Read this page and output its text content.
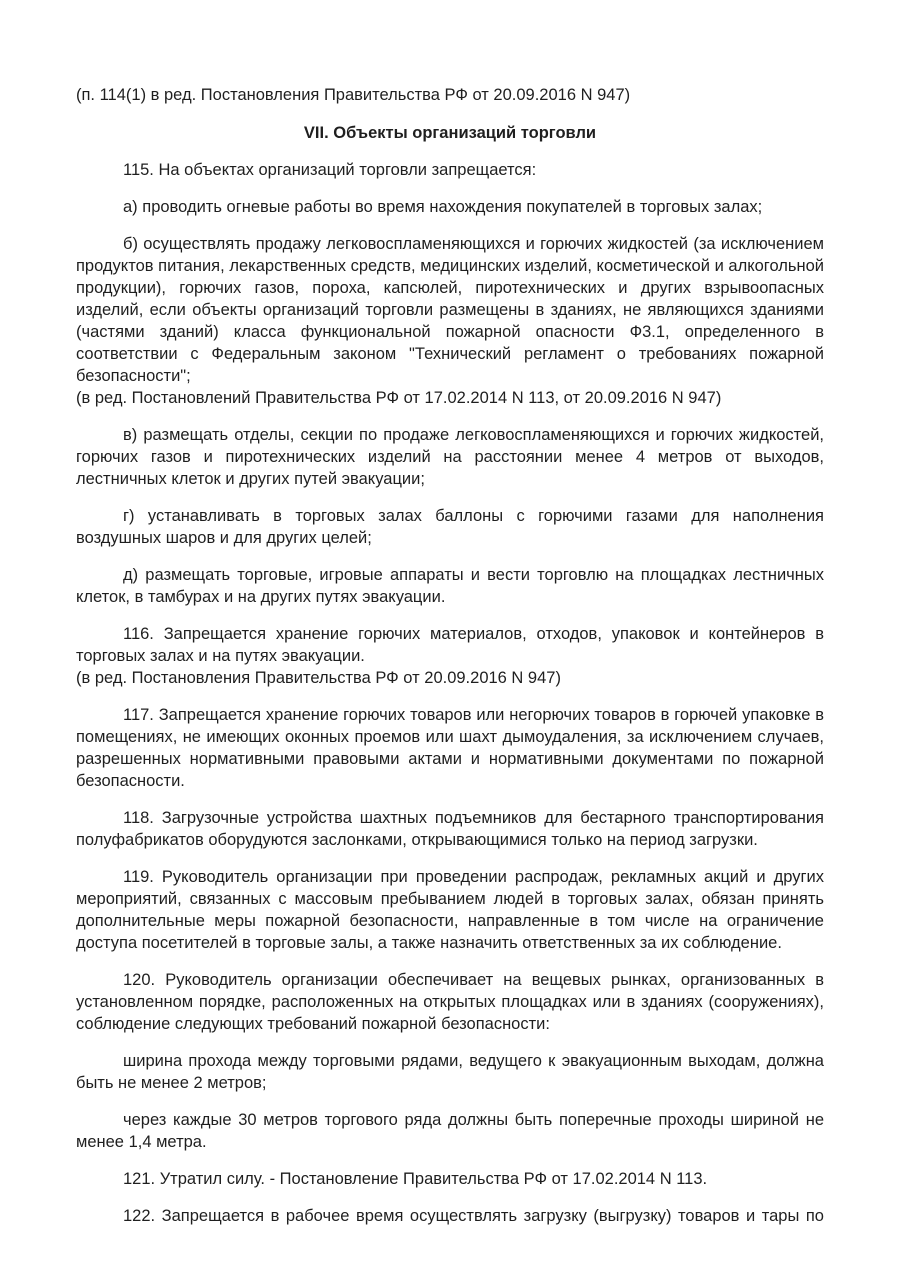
(п. 114(1) в ред. Постановления Правительства РФ от 20.09.2016 N 947)

VII. Объекты организаций торговли

115. На объектах организаций торговли запрещается:

а) проводить огневые работы во время нахождения покупателей в торговых залах;

б) осуществлять продажу легковоспламеняющихся и горючих жидкостей (за исключением продуктов питания, лекарственных средств, медицинских изделий, косметической и алкогольной продукции), горючих газов, пороха, капсюлей, пиротехнических и других взрывоопасных изделий, если объекты организаций торговли размещены в зданиях, не являющихся зданиями (частями зданий) класса функциональной пожарной опасности Ф3.1, определенного в соответствии с Федеральным законом "Технический регламент о требованиях пожарной безопасности";

(в ред. Постановлений Правительства РФ от 17.02.2014 N 113, от 20.09.2016 N 947)

в) размещать отделы, секции по продаже легковоспламеняющихся и горючих жидкостей, горючих газов и пиротехнических изделий на расстоянии менее 4 метров от выходов, лестничных клеток и других путей эвакуации;

г) устанавливать в торговых залах баллоны с горючими газами для наполнения воздушных шаров и для других целей;

д) размещать торговые, игровые аппараты и вести торговлю на площадках лестничных клеток, в тамбурах и на других путях эвакуации.

116. Запрещается хранение горючих материалов, отходов, упаковок и контейнеров в торговых залах и на путях эвакуации.

(в ред. Постановления Правительства РФ от 20.09.2016 N 947)

117. Запрещается хранение горючих товаров или негорючих товаров в горючей упаковке в помещениях, не имеющих оконных проемов или шахт дымоудаления, за исключением случаев, разрешенных нормативными правовыми актами и нормативными документами по пожарной безопасности.

118. Загрузочные устройства шахтных подъемников для бестарного транспортирования полуфабрикатов оборудуются заслонками, открывающимися только на период загрузки.

119. Руководитель организации при проведении распродаж, рекламных акций и других мероприятий, связанных с массовым пребыванием людей в торговых залах, обязан принять дополнительные меры пожарной безопасности, направленные в том числе на ограничение доступа посетителей в торговые залы, а также назначить ответственных за их соблюдение.

120. Руководитель организации обеспечивает на вещевых рынках, организованных в установленном порядке, расположенных на открытых площадках или в зданиях (сооружениях), соблюдение следующих требований пожарной безопасности:

ширина прохода между торговыми рядами, ведущего к эвакуационным выходам, должна быть не менее 2 метров;

через каждые 30 метров торгового ряда должны быть поперечные проходы шириной не менее 1,4 метра.

121. Утратил силу. - Постановление Правительства РФ от 17.02.2014 N 113.

122. Запрещается в рабочее время осуществлять загрузку (выгрузку) товаров и тары по
